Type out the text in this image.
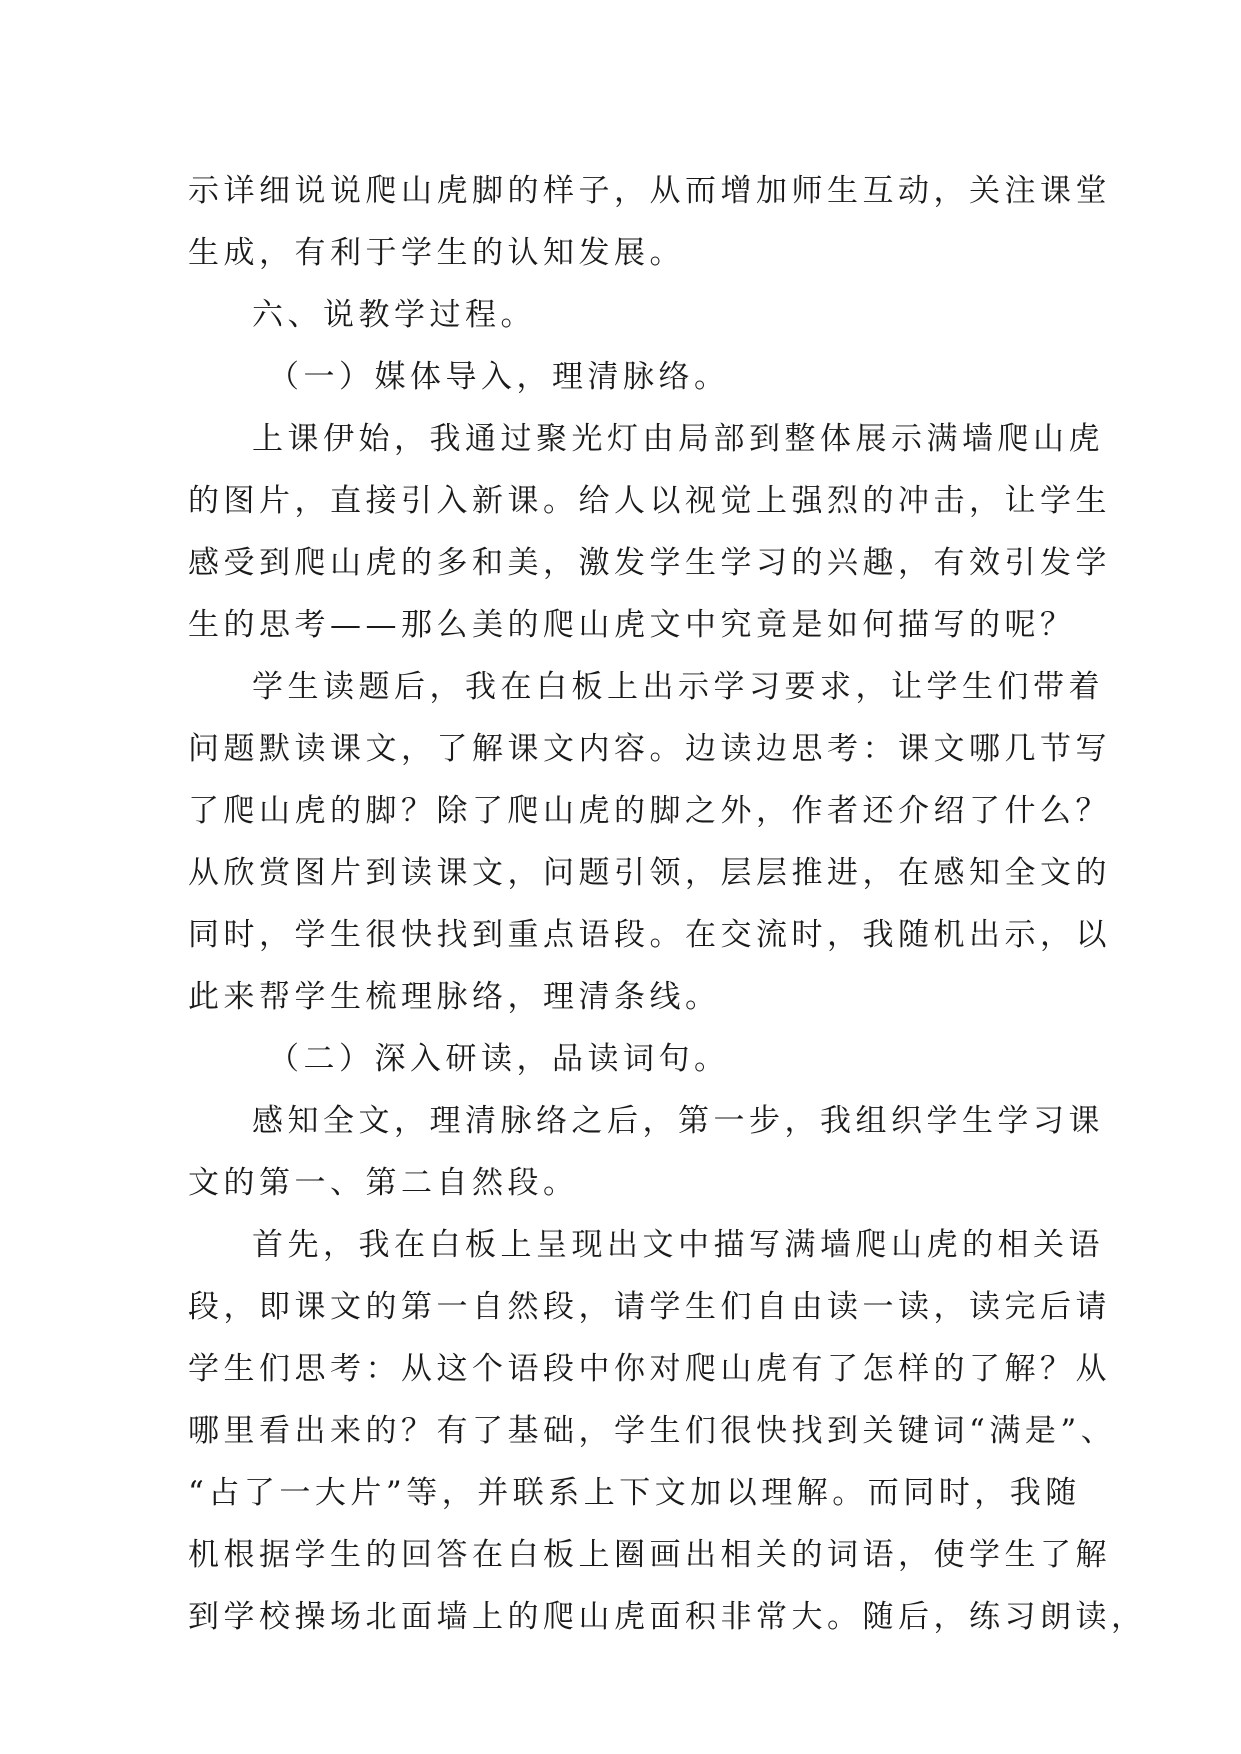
示详细说说爬山虎脚的样子，从而增加师生互动，关注课堂
生成，有利于学生的认知发展。
六、说教学过程。
（一）媒体导入，理清脉络。
上课伊始，我通过聚光灯由局部到整体展示满墙爬山虎
的图片，直接引入新课。给人以视觉上强烈的冲击，让学生
感受到爬山虎的多和美，激发学生学习的兴趣，有效引发学
生的思考——那么美的爬山虎文中究竟是如何描写的呢？
学生读题后，我在白板上出示学习要求，让学生们带着
问题默读课文，了解课文内容。边读边思考：课文哪几节写
了爬山虎的脚？除了爬山虎的脚之外，作者还介绍了什么？
从欣赏图片到读课文，问题引领，层层推进，在感知全文的
同时，学生很快找到重点语段。在交流时，我随机出示，以
此来帮学生梳理脉络，理清条线。
（二）深入研读，品读词句。
感知全文，理清脉络之后，第一步，我组织学生学习课
文的第一、第二自然段。
首先，我在白板上呈现出文中描写满墙爬山虎的相关语
段，即课文的第一自然段，请学生们自由读一读，读完后请
学生们思考：从这个语段中你对爬山虎有了怎样的了解？从
哪里看出来的？有了基础，学生们很快找到关键词“满是”、
“占了一大片”等，并联系上下文加以理解。而同时，我随
机根据学生的回答在白板上圈画出相关的词语，使学生了解
到学校操场北面墙上的爬山虎面积非常大。随后，练习朗读，
